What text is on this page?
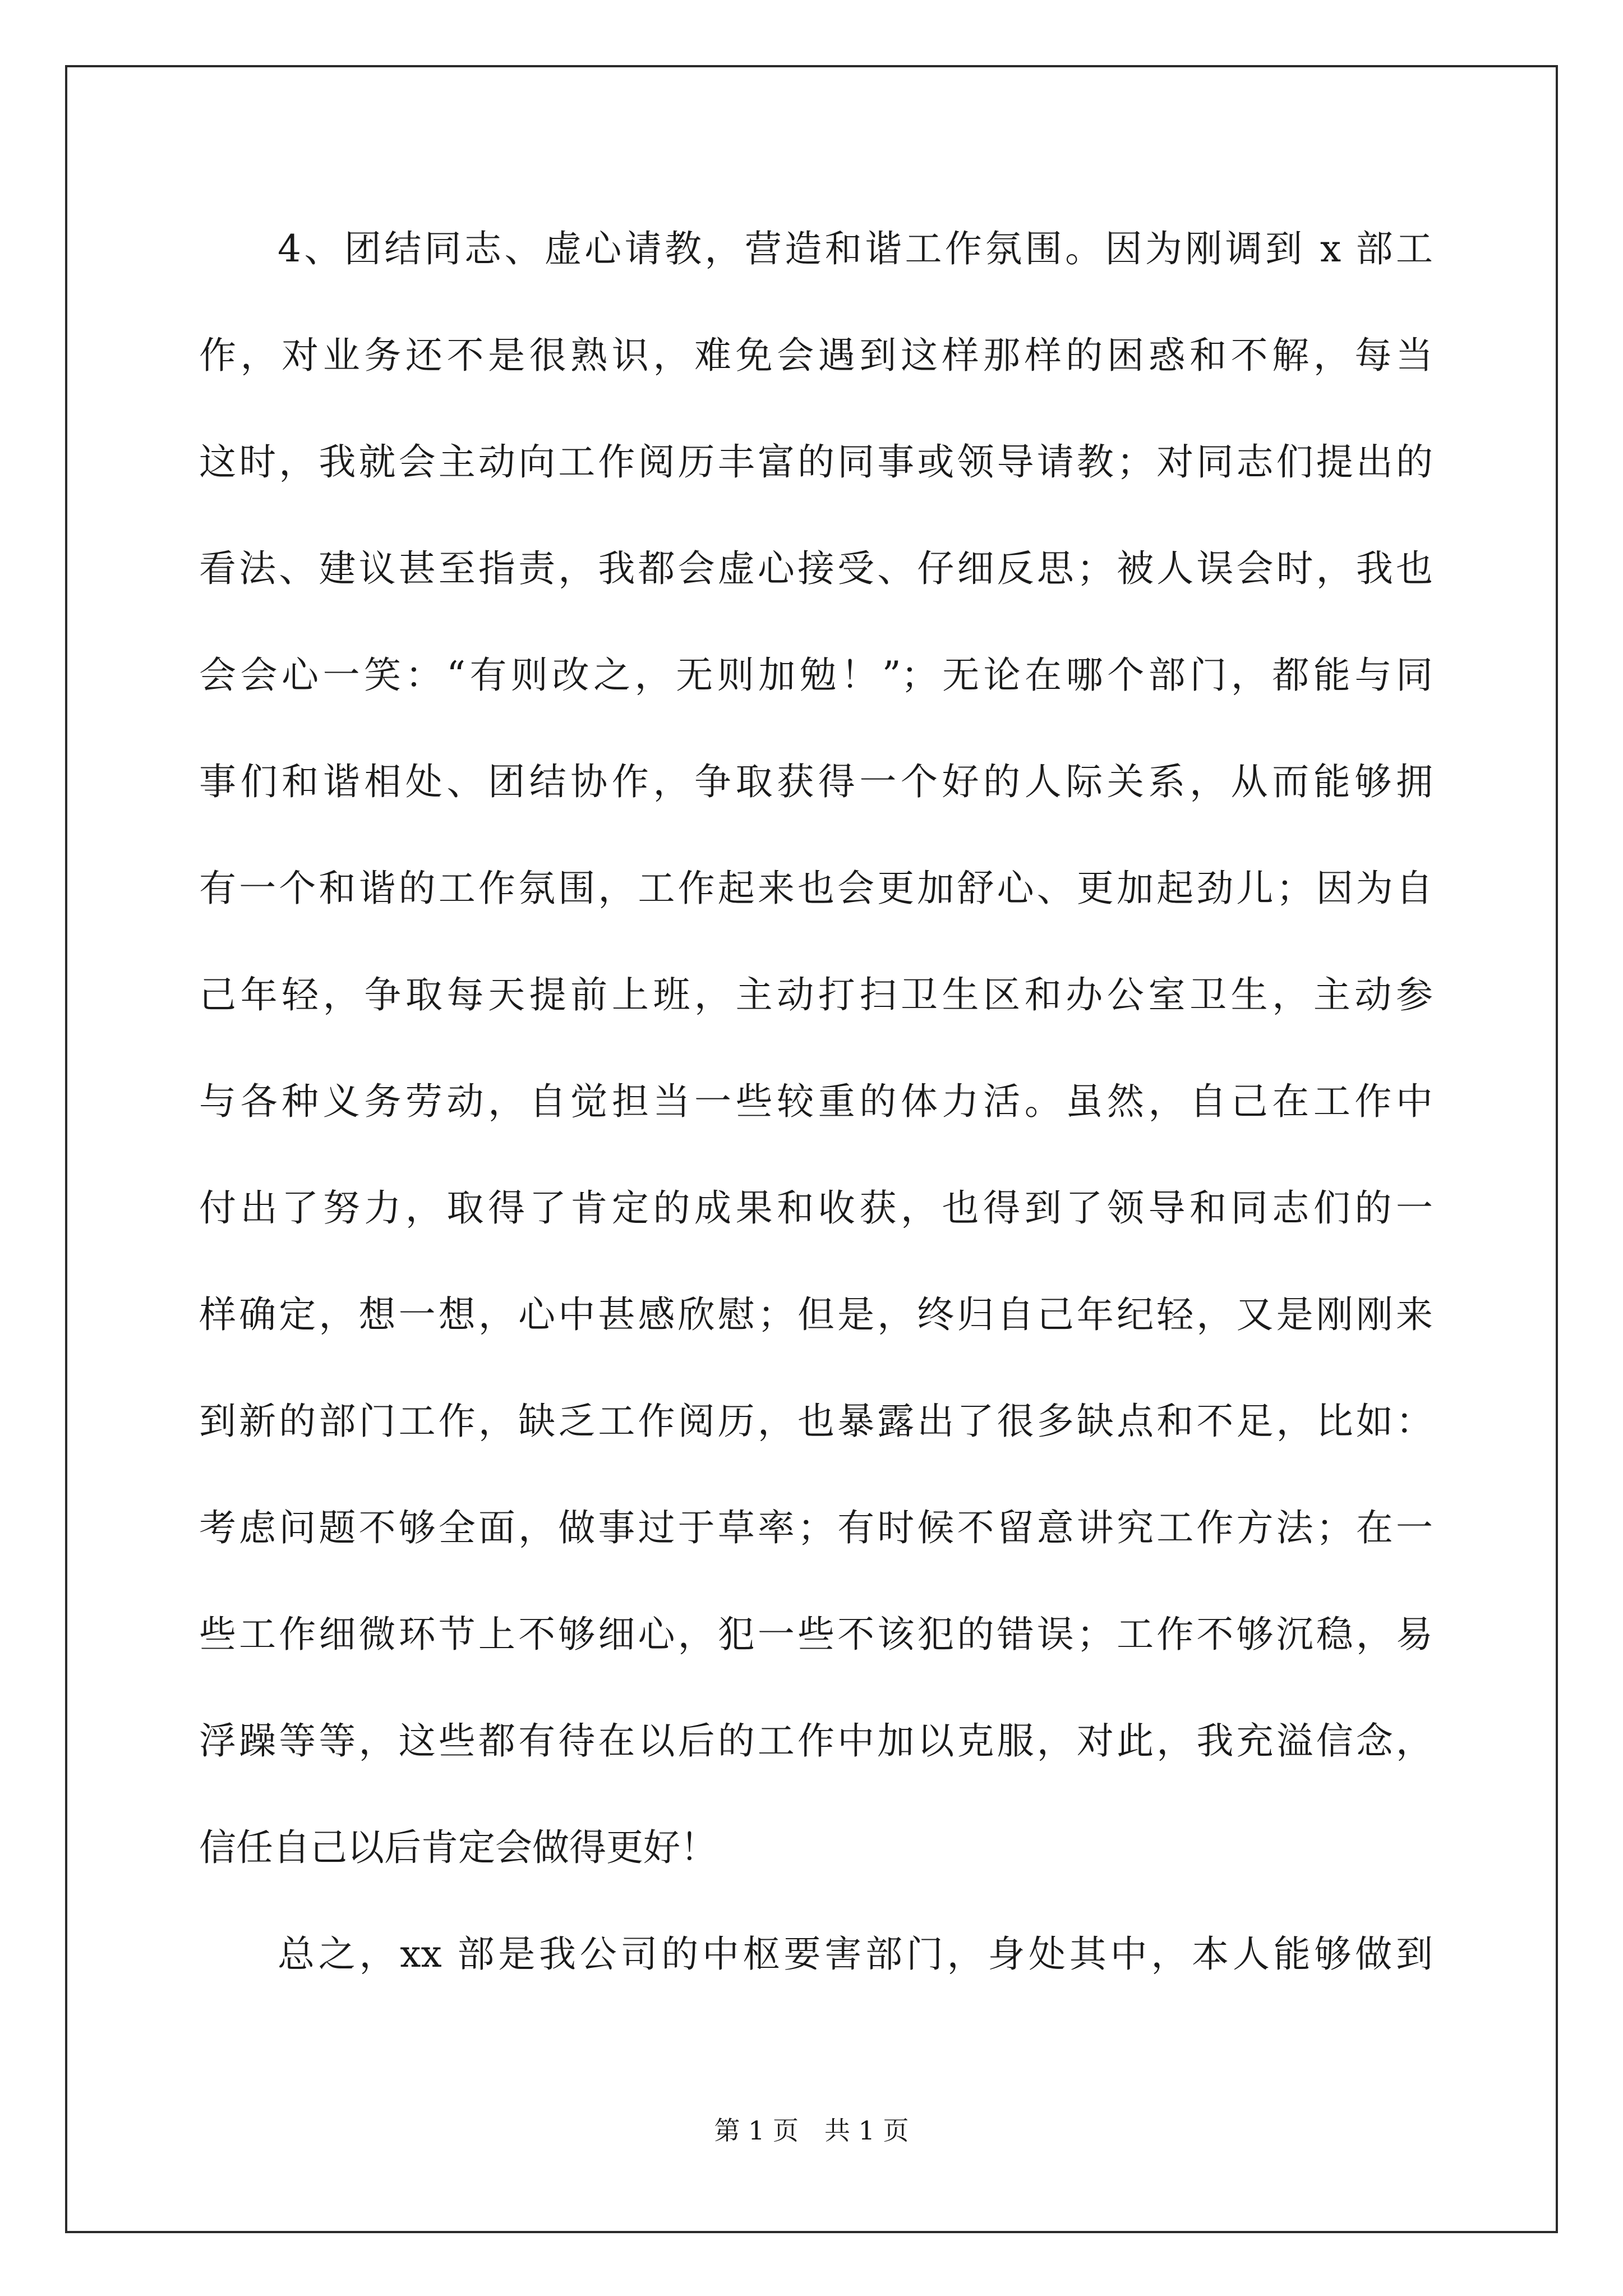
4、团结同志、虚心请教，营造和谐工作氛围。因为刚调到 x 部工
作，对业务还不是很熟识，难免会遇到这样那样的困惑和不解，每当
这时，我就会主动向工作阅历丰富的同事或领导请教；对同志们提出的
看法、建议甚至指责，我都会虚心接受、仔细反思；被人误会时，我也
会会心一笑：“有则改之，无则加勉！”；无论在哪个部门，都能与同
事们和谐相处、团结协作，争取获得一个好的人际关系，从而能够拥
有一个和谐的工作氛围，工作起来也会更加舒心、更加起劲儿；因为自
己年轻，争取每天提前上班，主动打扫卫生区和办公室卫生，主动参
与各种义务劳动，自觉担当一些较重的体力活。虽然，自己在工作中
付出了努力，取得了肯定的成果和收获，也得到了领导和同志们的一
样确定，想一想，心中甚感欣慰；但是，终归自己年纪轻，又是刚刚来
到新的部门工作，缺乏工作阅历，也暴露出了很多缺点和不足，比如：
考虑问题不够全面，做事过于草率；有时候不留意讲究工作方法；在一
些工作细微环节上不够细心，犯一些不该犯的错误；工作不够沉稳，易
浮躁等等，这些都有待在以后的工作中加以克服，对此，我充溢信念，
信任自己以后肯定会做得更好！
总之，xx 部是我公司的中枢要害部门，身处其中，本人能够做到
第 1 页　共 1 页
